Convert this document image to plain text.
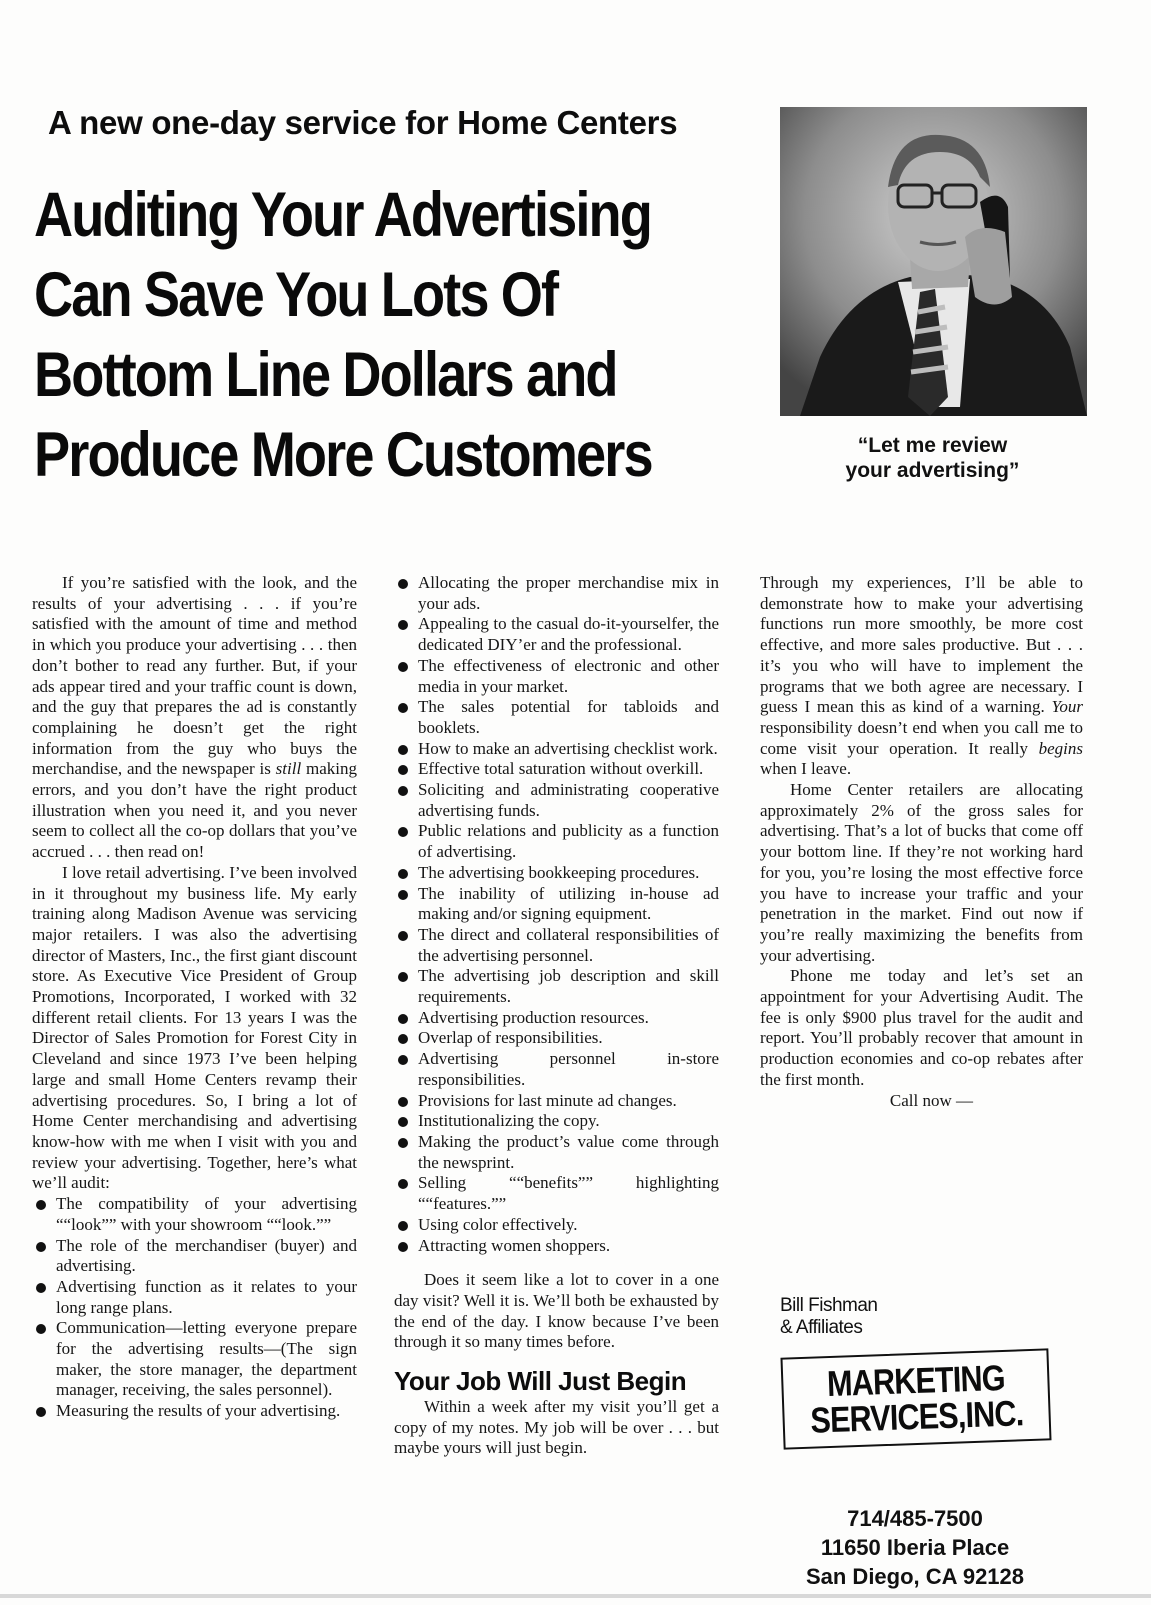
A new one-day service for Home Centers
Auditing Your Advertising
Can Save You Lots Of
Bottom Line Dollars and
Produce More Customers	“Let me review
your advertising”

If you’re satisfied with the look, and the results of your advertising . . . if you’re satisfied with the amount of time and method in which you produce your advertising . . . then don’t bother to read any further. But, if your ads appear tired and your traffic count is down, and the guy that prepares the ad is constantly complaining he doesn’t get the right information from the guy who buys the merchandise, and the newspaper is still making errors, and you don’t have the right product illustration when you need it, and you never seem to collect all the co-op dollars that you’ve accrued . . . then read on!

I love retail advertising. I’ve been involved in it throughout my business life. My early training along Madison Avenue was servicing major retailers. I was also the advertising director of Masters, Inc., the first giant discount store. As Executive Vice President of Group Promotions, Incorporated, I worked with 32 different retail clients. For 13 years I was the Director of Sales Promotion for Forest City in Cleveland and since 1973 I’ve been helping large and small Home Centers revamp their advertising procedures. So, I bring a lot of Home Center merchandising and advertising know-how with me when I visit with you and review your advertising. Together, here’s what we’ll audit:

The compatibility of your advertising ““look”” with your showroom ““look.””
The role of the merchandiser (buyer) and advertising.
Advertising function as it relates to your long range plans.
Communication—letting everyone prepare for the advertising results—(The sign maker, the store manager, the department manager, receiving, the sales personnel).
Measuring the results of your advertising.
Allocating the proper merchandise mix in your ads.
Appealing to the casual do-it-yourselfer, the dedicated DIY’er and the professional.
The effectiveness of electronic and other media in your market.
The sales potential for tabloids and booklets.
How to make an advertising checklist work.
Effective total saturation without overkill.
Soliciting and administrating cooperative advertising funds.
Public relations and publicity as a function of advertising.
The advertising bookkeeping procedures.
The inability of utilizing in-house ad making and/or signing equipment.
The direct and collateral responsibilities of the advertising personnel.
The advertising job description and skill requirements.
Advertising production resources.
Overlap of responsibilities.
Advertising personnel in-store responsibilities.
Provisions for last minute ad changes.
Institutionalizing the copy.
Making the product’s value come through the newsprint.
Selling ““benefits”” highlighting ““features.””
Using color effectively.
Attracting women shoppers.

Does it seem like a lot to cover in a one day visit? Well it is. We’ll both be exhausted by the end of the day. I know because I’ve been through it so many times before.

Your Job Will Just Begin

Within a week after my visit you’ll get a copy of my notes. My job will be over . . . but maybe yours will just begin.

Through my experiences, I’ll be able to demonstrate how to make your advertising functions run more smoothly, be more cost effective, and more sales productive. But . . . it’s you who will have to implement the programs that we both agree are necessary. I guess I mean this as kind of a warning. Your responsibility doesn’t end when you call me to come visit your operation. It really begins when I leave.

Home Center retailers are allocating approximately 2% of the gross sales for advertising. That’s a lot of bucks that come off your bottom line. If they’re not working hard for you, you’re losing the most effective force you have to increase your traffic and your penetration in the market. Find out now if you’re really maximizing the benefits from your advertising.

Phone me today and let’s set an appointment for your Advertising Audit. The fee is only $900 plus travel for the audit and report. You’ll probably recover that amount in production economies and co-op rebates after the first month.

Call now —

Bill Fishman
& Affiliates
MARKETING
SERVICES,INC.
714/485-7500
11650 Iberia Place
San Diego, CA 92128
